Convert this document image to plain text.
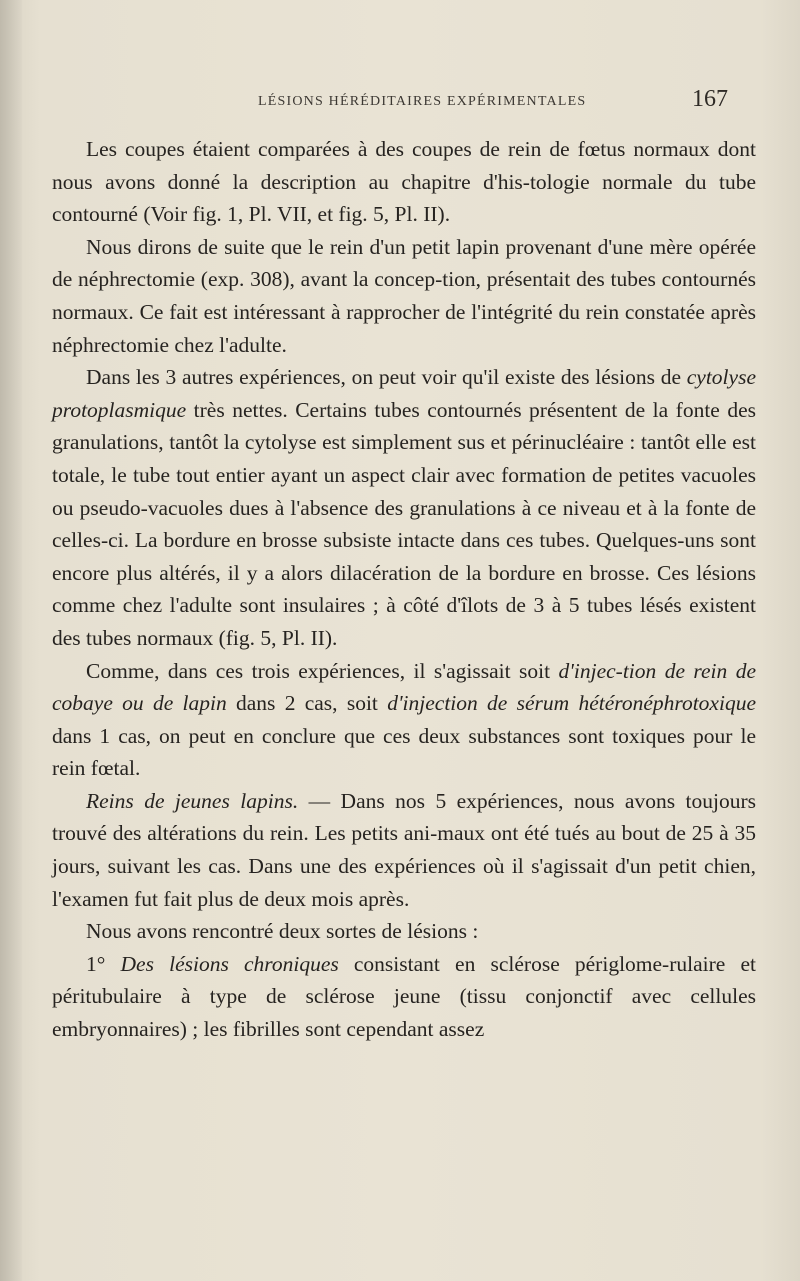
LÉSIONS HÉRÉDITAIRES EXPÉRIMENTALES	167

Les coupes étaient comparées à des coupes de rein de fœtus normaux dont nous avons donné la description au chapitre d'his-tologie normale du tube contourné (Voir fig. 1, Pl. VII, et fig. 5, Pl. II).

Nous dirons de suite que le rein d'un petit lapin provenant d'une mère opérée de néphrectomie (exp. 308), avant la concep-tion, présentait des tubes contournés normaux. Ce fait est intéressant à rapprocher de l'intégrité du rein constatée après néphrectomie chez l'adulte.

Dans les 3 autres expériences, on peut voir qu'il existe des lésions de cytolyse protoplasmique très nettes. Certains tubes contournés présentent de la fonte des granulations, tantôt la cytolyse est simplement sus et périnucléaire : tantôt elle est totale, le tube tout entier ayant un aspect clair avec formation de petites vacuoles ou pseudo-vacuoles dues à l'absence des granulations à ce niveau et à la fonte de celles-ci. La bordure en brosse subsiste intacte dans ces tubes. Quelques-uns sont encore plus altérés, il y a alors dilacération de la bordure en brosse. Ces lésions comme chez l'adulte sont insulaires ; à côté d'îlots de 3 à 5 tubes lésés existent des tubes normaux (fig. 5, Pl. II).

Comme, dans ces trois expériences, il s'agissait soit d'injec-tion de rein de cobaye ou de lapin dans 2 cas, soit d'injection de sérum hétéronéphrotoxique dans 1 cas, on peut en conclure que ces deux substances sont toxiques pour le rein fœtal.

Reins de jeunes lapins. — Dans nos 5 expériences, nous avons toujours trouvé des altérations du rein. Les petits ani-maux ont été tués au bout de 25 à 35 jours, suivant les cas. Dans une des expériences où il s'agissait d'un petit chien, l'examen fut fait plus de deux mois après.

Nous avons rencontré deux sortes de lésions :

1° Des lésions chroniques consistant en sclérose périglome-rulaire et péritubulaire à type de sclérose jeune (tissu conjonctif avec cellules embryonnaires) ; les fibrilles sont cependant assez
